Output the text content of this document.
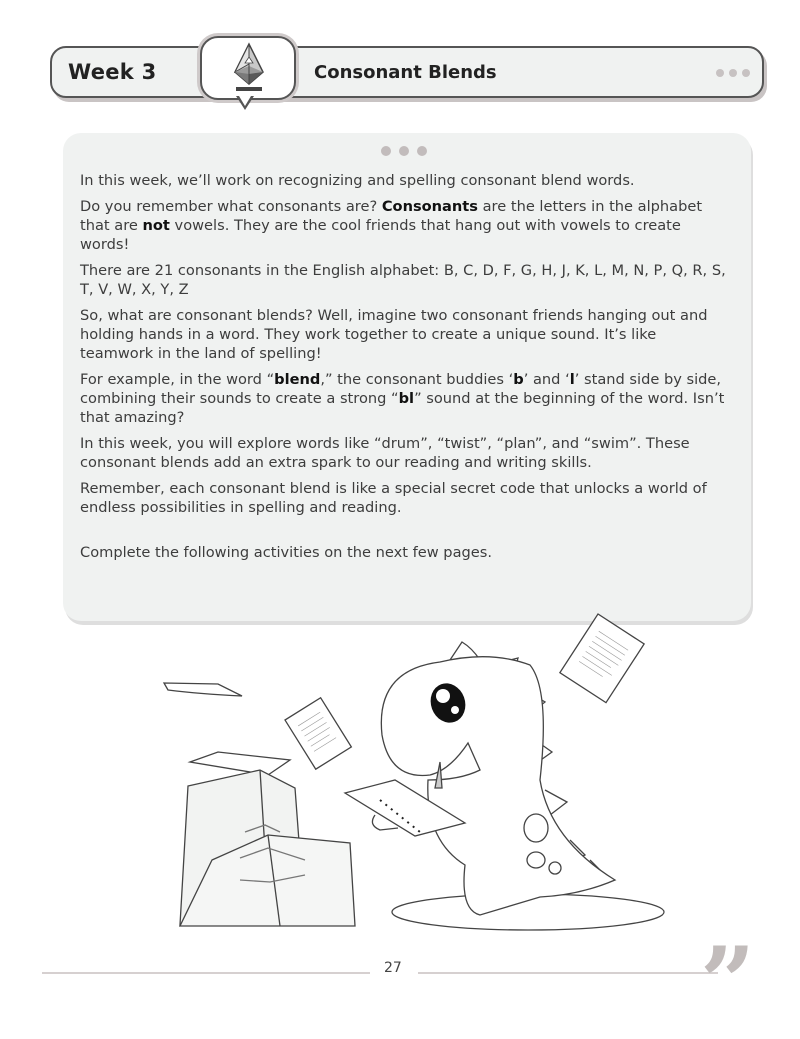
Week 3	Consonant Blends

In this week, we’ll work on recognizing and spelling consonant blend words.

Do you remember what consonants are? Consonants are the letters in the alphabet that are not vowels. They are the cool friends that hang out with vowels to create words!

There are 21 consonants in the English alphabet: B, C, D, F, G, H, J, K, L, M, N, P, Q, R, S, T, V, W, X, Y, Z

So, what are consonant blends? Well, imagine two consonant friends hanging out and holding hands in a word. They work together to create a unique sound. It’s like teamwork in the land of spelling!

For example, in the word “blend,” the consonant buddies ‘b’ and ‘l’ stand side by side, combining their sounds to create a strong “bl” sound at the beginning of the word. Isn’t that amazing?

In this week, you will explore words like “drum”, “twist”, “plan”, and “swim”. These consonant blends add an extra spark to our reading and writing skills.

Remember, each consonant blend is like a special secret code that unlocks a world of endless possibilities in spelling and reading.

Complete the following activities on the next few pages.

27	”
